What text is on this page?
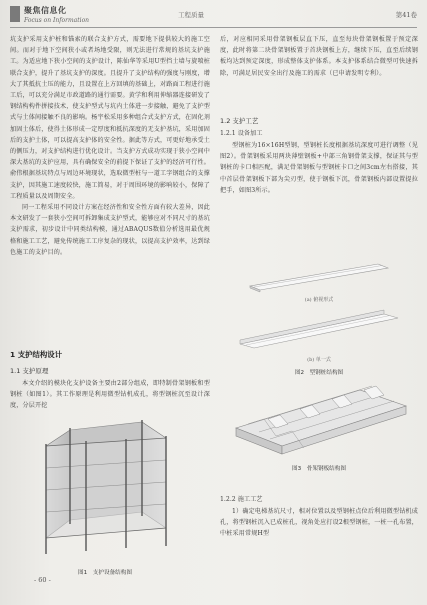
聚焦信息化
Focus on Information
工程质量	第41卷

坑支护采用支护桩和锚索的联合支护方式，需要地下提供较大的施工空间。而对于地下空间狭小或者场地受限，则无法进行常规的基坑支护施工。为适应地下狭小空间的支护设计，陈仙华等采用U型挡土墙与旋喷桩联合支护，提升了基坑支护的深度。且提升了支护结构的强度与刚度，增大了其抵抗土压的能力，且设置在上方回填的基础上，对路面工程进行施工后，可以充分满足市政道路的通行需要。黄学和利用伸缩器连接研发了钢结构构件拼接技术，使支护型式与坑内土体进一步接触，避免了支护型式与土体间接触不良的影响。杨宇松采用多种组合式支护方式，在固化剂加固土体后，使得土体形成一定厚度和抵抗深度的无支护基坑，采用加固后的支护土体，可以提高支护体的安全性。据此等方式，可更好地承受土的侧压力，对支护结构进行优化设计。当支护方式成功实现于狭小空间中深大基坑的支护应用，具有确保安全的前提下保证了支护的经济可行性。俞伟根据基坑特点与周边环境现状，选取微型桩与一道工字钢组合的支撑支护，因其施工速度较快，施工简易，对于周围环境的影响较小，保障了工程质量以及周期安全。

同一工程采用不同设计方案在经济性和安全性方面有较大差异，因此本文研发了一套狭小空间可拆卸集成支护型式，能够应对不同尺寸的基坑支护需求，初步设计中同类结构模，通过ABAQUS数值分析选用最优规格和施工工艺，避免传统施工工序复杂的现状，以提高支护效率，达到绿色施工的支护目的。

1 支护结构设计
1.1 支护原理

本文介绍的模块化支护设备主要由2部分组成，即特制骨架钢板和型钢桩（如图1）。其工作原理是利用微型钻机成孔，将型钢桩沉至设计深度，分层开挖

图1　支护设备结构图

后，对应相同采用骨架钢板层直下压，直至每块骨架钢板置于预定深度，此时将第二块骨架钢板置于首块钢板上方，继续下压，直至后续钢板均达到预定深度，形成整体支护体系。本支护体系结合微型可快速拆除，可满足居民安全出行及施工的需求（已申请发明专利）。

1.2 支护工艺
1.2.1 设备加工

型钢桩为16×16H型钢，型钢桩长度根据基坑深度可进行调整（见图2）。骨架钢板采用两块薄壁钢板+中部三角钢骨架支撑，保证其与型钢桩的卡口相匹配，满足骨架钢板与型钢桩卡口之间3cm左右搭接，其中首层骨架钢板下部为尖刃型，使于钢板下沉，骨架钢板内部设置提拉把手，如图3所示。

(a) 俯视形式
(b) 单一式
图2　型钢桩结构图
图3　骨架钢板结构图
1.2.2 施工工艺

1）确定电梯基坑尺寸，相对位置以及型钢桩点位后利用微型钻机成孔，将型钢桩沉入已成桩孔，视角处应打设2根型钢桩，一桩一孔布置，中桩采用常规H型

- 60 -
